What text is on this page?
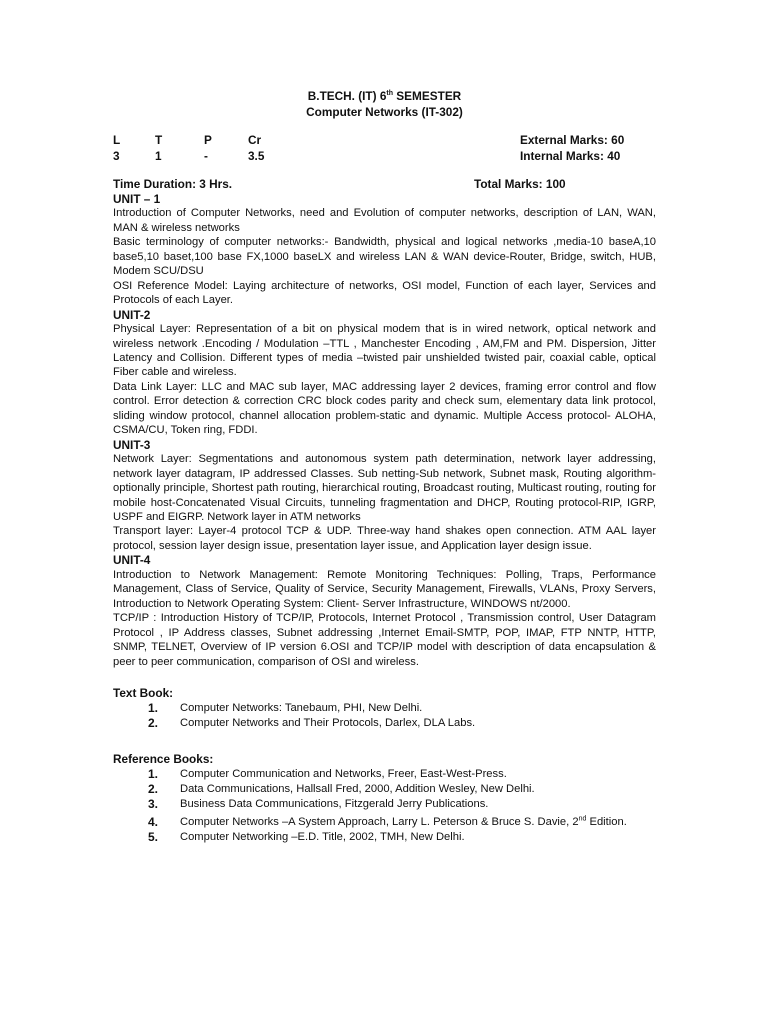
B.TECH. (IT) 6th SEMESTER
Computer Networks (IT-302)
L	T	P	Cr	External Marks: 60
3	1	-	3.5	Internal Marks: 40
Time Duration: 3 Hrs.	Total Marks: 100
UNIT – 1

Introduction of Computer Networks, need and Evolution of computer networks, description of LAN, WAN, MAN & wireless networks

Basic terminology of computer networks:- Bandwidth, physical and logical networks ,media-10 baseA,10 base5,10 baset,100 base FX,1000 baseLX and wireless LAN & WAN device-Router, Bridge, switch, HUB, Modem SCU/DSU

OSI Reference Model: Laying architecture of networks, OSI model, Function of each layer, Services and Protocols of each Layer.

UNIT-2

Physical Layer: Representation of a bit on physical modem that is in wired network, optical network and wireless network .Encoding / Modulation –TTL , Manchester Encoding , AM,FM and PM. Dispersion, Jitter Latency and Collision. Different types of media –twisted pair unshielded twisted pair, coaxial cable, optical Fiber cable and wireless.

Data Link Layer: LLC and MAC sub layer, MAC addressing layer 2 devices, framing error control and flow control. Error detection & correction CRC block codes parity and check sum, elementary data link protocol, sliding window protocol, channel allocation problem-static and dynamic. Multiple Access protocol- ALOHA, CSMA/CU, Token ring, FDDI.

UNIT-3

Network Layer: Segmentations and autonomous system path determination, network layer addressing, network layer datagram, IP addressed Classes. Sub netting-Sub network, Subnet mask, Routing algorithm-optionally principle, Shortest path routing, hierarchical routing, Broadcast routing, Multicast routing, routing for mobile host-Concatenated Visual Circuits, tunneling fragmentation and DHCP, Routing protocol-RIP, IGRP, USPF and EIGRP. Network layer in ATM networks

Transport layer: Layer-4 protocol TCP & UDP. Three-way hand shakes open connection. ATM AAL layer protocol, session layer design issue, presentation layer issue, and Application layer design issue.

UNIT-4

Introduction to Network Management: Remote Monitoring Techniques: Polling, Traps, Performance Management, Class of Service, Quality of Service, Security Management, Firewalls, VLANs, Proxy Servers, Introduction to Network Operating System: Client- Server Infrastructure, WINDOWS nt/2000.

TCP/IP : Introduction History of TCP/IP, Protocols, Internet Protocol , Transmission control, User Datagram Protocol , IP Address classes, Subnet addressing ,Internet Email-SMTP, POP, IMAP, FTP NNTP, HTTP, SNMP, TELNET, Overview of IP version 6.OSI and TCP/IP model with description of data encapsulation & peer to peer communication, comparison of OSI and wireless.

Text Book:
1. Computer Networks: Tanebaum, PHI, New Delhi.
2. Computer Networks and Their Protocols, Darlex, DLA Labs.
Reference Books:
1. Computer Communication and Networks, Freer, East-West-Press.
2. Data Communications, Hallsall Fred, 2000, Addition Wesley, New Delhi.
3. Business Data Communications, Fitzgerald Jerry Publications.
4. Computer Networks –A System Approach, Larry L. Peterson & Bruce S. Davie, 2nd Edition.
5. Computer Networking –E.D. Title, 2002, TMH, New Delhi.
